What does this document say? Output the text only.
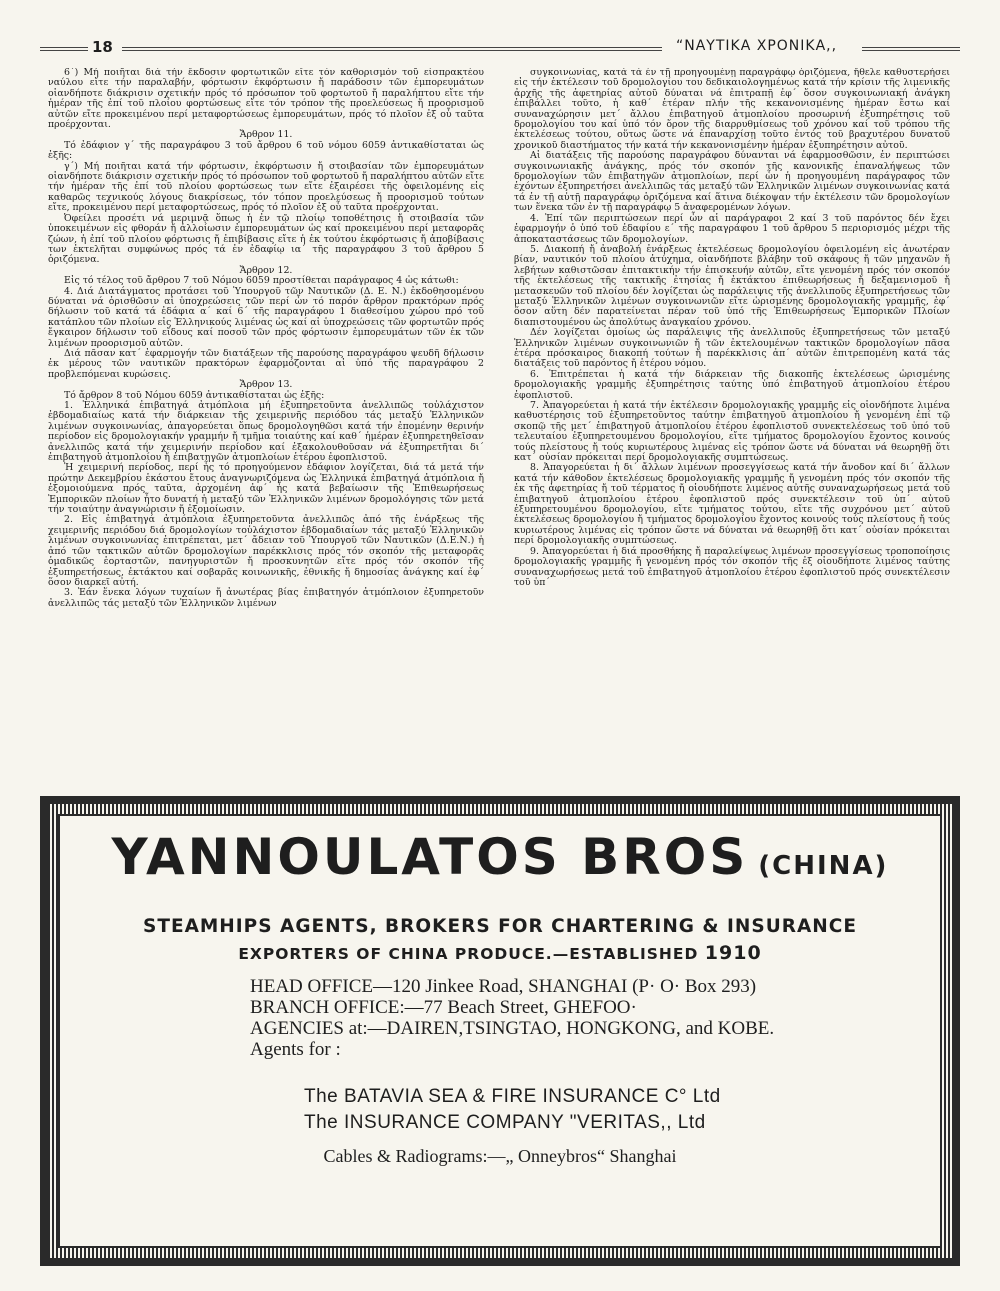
18	“ΝΑΥΤΙΚΑ ΧΡΟΝΙΚΑ,,

6΄) Μή ποιῆται διά τήν ἔκδοσιν φορτωτικῶν εἴτε τόν καθορισμόν τοῦ εἰσπρακτέου ναύλου εἴτε τήν παραλαβήν, φόρτωσιν ἐκφόρτωσιν ἤ παράδοσιν τῶν ἐμπορευμάτων οἱανδήποτε διάκρισιν σχετικήν πρός τό πρόσωπον τοῦ φορτωτοῦ ἤ παραλήπτου εἴτε τήν ἡμέραν τῆς ἐπί τοῦ πλοίου φορτώσεως εἴτε τόν τρόπον τῆς προελεύσεως ἤ προορισμοῦ αὐτῶν εἴτε προκειμένου περί μεταφορτώσεως ἐμπορευμάτων, πρός τό πλοῖον ἐξ οὗ ταῦτα προέρχονται.

Ἄρθρον 11.

Τό ἐδάφιον γ΄ τῆς παραγράφου 3 τοῦ ἄρθρου 6 τοῦ νόμου 6059 ἀντικαθίσταται ὡς ἑξῆς:

γ΄) Μή ποιῆται κατά τήν φόρτωσιν, ἐκφόρτωσιν ἤ στοιβασίαν τῶν ἐμπορευμάτων οἱανδήποτε διάκρισιν σχετικήν πρός τό πρόσωπον τοῦ φορτωτοῦ ἤ παραλήπτου αὐτῶν εἴτε τήν ἡμέραν τῆς ἐπί τοῦ πλοίου φορτώσεως των εἴτε ἐξαιρέσει τῆς ὀφειλομένης εἰς καθαρῶς τεχνικούς λόγους διακρίσεως, τόν τόπον προελεύσεως ἤ προορισμοῦ τούτων εἴτε, προκειμένου περί μεταφορτώσεως, πρός τό πλοῖον ἐξ οὗ ταῦτα προέρχονται.

Ὀφείλει προσέτι νά μεριμνᾷ ὅπως ἡ ἐν τῷ πλοίῳ τοποθέτησις ἤ στοιβασία τῶν ὑποκειμένων εἰς φθοράν ἤ ἀλλοίωσιν ἐμπορευμάτων ὡς καί προκειμένου περί μεταφορᾶς ζώων, ἡ ἐπί τοῦ πλοίου φόρτωσις ἤ ἐπιβίβασις εἴτε ἡ ἐκ τούτου ἐκφόρτωσις ἤ ἀποβίβασις των ἐκτελῆται συμφώνως πρός τά ἐν ἐδαφίῳ ια΄ τῆς παραγράφου 3 τοῦ ἄρθρου 5 ὁριζόμενα.

Ἄρθρον 12.

Εἰς τό τέλος τοῦ ἄρθρου 7 τοῦ Νόμου 6059 προστίθεται παράγραφος 4 ὡς κάτωθι:

4. Διά Διατάγματος προτάσει τοῦ Ὑπουργοῦ τῶν Ναυτικῶν (Δ. Ε. Ν.) ἐκδοθησομένου δύναται νά ὁρισθῶσιν αἱ ὑποχρεώσεις τῶν περί ὧν τό παρόν ἄρθρον πρακτόρων πρός δήλωσιν τοῦ κατά τά ἐδάφια α΄ καί 6΄ τῆς παραγράφου 1 διαθεσίμου χώρου πρό τοῦ κατάπλου τῶν πλοίων εἰς Ἑλληνικούς λιμένας ὡς καί αἱ ὑποχρεώσεις τῶν φορτωτῶν πρός ἔγκαιρον δήλωσιν τοῦ εἴδους καί ποσοῦ τῶν πρός φόρτωσιν ἐμπορευμάτων τῶν ἐκ τῶν λιμένων προορισμοῦ αὐτῶν.

Διά πᾶσαν κατ΄ ἐφαρμογήν τῶν διατάξεων τῆς παρούσης παραγράφου ψευδῆ δήλωσιν ἐκ μέρους τῶν ναυτικῶν πρακτόρων ἐφαρμόζονται αἱ ὑπό τῆς παραγράφου 2 προβλεπόμεναι κυρώσεις.

Ἄρθρον 13.

Τό ἄρθρον 8 τοῦ Νόμου 6059 ἀντικαθίσταται ὡς ἑξῆς:

1. Ἑλληνικά ἐπιβατηγά ἀτμόπλοια μή ἐξυπηρετοῦντα ἀνελλιπῶς τοὐλάχιστον ἑβδομαδιαίως κατά τήν διάρκειαν τῆς χειμερινῆς περιόδου τάς μεταξύ Ἑλληνικῶν λιμένων συγκοινωνίας, ἀπαγορεύεται ὅπως δρομολογηθῶσι κατά τήν ἐπομένην θερινήν περίοδον εἰς δρομολογιακήν γραμμήν ἤ τμῆμα τοιαύτης καί καθ΄ ἡμέραν ἐξυπηρετηθεῖσαν ἀνελλιπῶς κατά τήν χειμερινήν περίοδον καί ἐξακολουθοῦσαν νά ἐξυπηρετῆται δι΄ ἐπιβατηγοῦ ἀτμοπλοίου ἤ ἐπιβατηγῶν ἀτμοπλοίων ἑτέρου ἐφοπλιστοῦ.

Ἡ χειμερινή περίοδος, περί ἧς τό προηγούμενον ἐδάφιον λογίζεται, διά τά μετά τήν πρώτην Δεκεμβρίου ἑκάστου ἔτους ἀναγνωριζόμενα ὡς Ἑλληνικά ἐπιβατηγά ἀτμόπλοια ἤ ἐξομοιούμενα πρός ταῦτα, ἀρχομένη ἀφ΄ ἧς κατά βεβαίωσιν τῆς Ἐπιθεωρήσεως Ἐμπορικῶν πλοίων ἦτο δυνατή ἡ μεταξύ τῶν Ἑλληνικῶν λιμένων δρομολόγησις τῶν μετά τήν τοιαύτην ἀναγνώρισιν ἤ ἐξομοίωσιν.

2. Εἰς ἐπιβατηγά ἀτμόπλοια ἐξυπηρετοῦντα ἀνελλιπῶς ἀπό τῆς ἐνάρξεως τῆς χειμερινῆς περιόδου διά δρομολογίων τοὐλάχιστον ἑβδομαδιαίων τάς μεταξύ Ἑλληνικῶν λιμένων συγκοινωνίας ἐπιτρέπεται, μετ΄ ἄδειαν τοῦ Ὑπουργοῦ τῶν Ναυτικῶν (Δ.Ε.Ν.) ἡ ἀπό τῶν τακτικῶν αὐτῶν δρομολογίων παρέκκλισις πρός τόν σκοπόν τῆς μεταφορᾶς ὁμαδικῶς ἑορταστῶν, πανηγυριστῶν ἤ προσκυνητῶν εἴτε πρός τόν σκοπόν τῆς ἐξυπηρετήσεως, ἐκτάκτου καί σοβαρᾶς κοινωνικῆς, ἐθνικῆς ἤ δημοσίας ἀνάγκης καί ἐφ΄ ὅσον διαρκεῖ αὐτή.

3. Ἐάν ἕνεκα λόγων τυχαίων ἤ ἀνωτέρας βίας ἐπιβατηγόν ἀτμόπλοιον ἐξυπηρετοῦν ἀνελλιπῶς τάς μεταξύ τῶν Ἑλληνικῶν λιμένων

συγκοινωνίας, κατά τά ἐν τῇ προηγουμένῃ παραγράφῳ ὁριζόμενα, ἤθελε καθυστερήσει εἰς τήν ἐκτέλεσιν τοῦ δρομολογίου του δεδικαιολογημένως κατά τήν κρίσιν τῆς λιμενικῆς ἀρχῆς τῆς ἀφετηρίας αὐτοῦ δύναται νά ἐπιτραπῇ ἐφ΄ ὅσον συγκοινωνιακή ἀνάγκη ἐπιβάλλει τοῦτο, ἡ καθ΄ ἑτέραν πλήν τῆς κεκανονισμένης ἡμέραν ἔστω καί συναναχώρησιν μετ΄ ἄλλου ἐπιβατηγοῦ ἀτμοπλοίου προσωρινή ἐξυπηρέτησις τοῦ δρομολογίου του καί ὑπό τόν ὅρον τῆς διαρρυθμίσεως τοῦ χρόνου καί τοῦ τρόπου τῆς ἐκτελέσεως τούτου, οὕτως ὥστε νά ἐπαναρχίσῃ τοῦτο ἐντός τοῦ βραχυτέρου δυνατοῦ χρονικοῦ διαστήματος τήν κατά τήν κεκανονισμένην ἡμέραν ἐξυπηρέτησιν αὐτοῦ.

Αἱ διατάξεις τῆς παρούσης παραγράφου δύνανται νά ἐφαρμοσθῶσιν, ἐν περιπτώσει συγκοινωνιακῆς ἀνάγκης, πρός τόν σκοπόν τῆς κανονικῆς ἐπαναλήψεως τῶν δρομολογίων τῶν ἐπιβατηγῶν ἀτμοπλοίων, περί ὧν ἡ προηγουμένη παράγραφος τῶν ἐχόντων ἐξυπηρετήσει ἀνελλιπῶς τάς μεταξύ τῶν Ἑλληνικῶν λιμένων συγκοινωνίας κατά τά ἐν τῇ αὐτῇ παραγράφῳ ὁριζόμενα καί ἅτινα διέκοψαν τήν ἐκτέλεσιν τῶν δρομολογίων των ἕνεκα τῶν ἐν τῇ παραγράφῳ 5 ἀναφερομένων λόγων.

4. Ἐπί τῶν περιπτώσεων περί ὧν αἱ παράγραφοι 2 καί 3 τοῦ παρόντος δέν ἔχει ἐφαρμογήν ὁ ὑπό τοῦ ἐδαφίου ε΄ τῆς παραγράφου 1 τοῦ ἄρθρου 5 περιορισμός μέχρι τῆς ἀποκαταστάσεως τῶν δρομολογίων.

5. Διακοπή ἤ ἀναβολή ἐνάρξεως ἐκτελέσεως δρομολογίου ὀφειλομένη εἰς ἀνωτέραν βίαν, ναυτικόν τοῦ πλοίου ἀτύχημα, οἱανδήποτε βλάβην τοῦ σκάφους ἤ τῶν μηχανῶν ἤ λεβήτων καθιστῶσαν ἐπιτακτικήν τήν ἐπισκευήν αὐτῶν, εἴτε γενομένη πρός τόν σκοπόν τῆς ἐκτελέσεως τῆς τακτικῆς ἐτησίας ἤ ἐκτάκτου ἐπιθεωρήσεως ἤ δεξαμενισμοῦ ἤ μετασκευῶν τοῦ πλοίου δέν λογίζεται ὡς παράλειψις τῆς ἀνελλιποῦς ἐξυπηρετήσεως τῶν μεταξύ Ἑλληνικῶν λιμένων συγκοινωνιῶν εἴτε ὡρισμένης δρομολογιακῆς γραμμῆς, ἐφ΄ ὅσον αὕτη δέν παρατείνεται πέραν τοῦ ὑπό τῆς Ἐπιθεωρήσεως Ἐμπορικῶν Πλοίων διαπιστουμένου ὡς ἀπολύτως ἀναγκαίου χρόνου.

Δέν λογίζεται ὁμοίως ὡς παράλειψις τῆς ἀνελλιποῦς ἐξυπηρετήσεως τῶν μεταξύ Ἑλληνικῶν λιμένων συγκοινωνιῶν ἤ τῶν ἐκτελουμένων τακτικῶν δρομολογίων πᾶσα ἑτέρα πρόσκαιρος διακοπή τούτων ἤ παρέκκλισις ἀπ΄ αὐτῶν ἐπιτρεπομένη κατά τάς διατάξεις τοῦ παρόντος ἤ ἑτέρου νόμου.

6. Ἐπιτρέπεται ἡ κατά τήν διάρκειαν τῆς διακοπῆς ἐκτελέσεως ὡρισμένης δρομολογιακῆς γραμμῆς ἐξυπηρέτησις ταύτης ὑπό ἐπιβατηγοῦ ἀτμοπλοίου ἑτέρου ἐφοπλιστοῦ.

7. Ἀπαγορεύεται ἡ κατά τήν ἐκτέλεσιν δρομολογιακῆς γραμμῆς εἰς οἱονδήποτε λιμένα καθυστέρησις τοῦ ἐξυπηρετοῦντος ταύτην ἐπιβατηγοῦ ἀτμοπλοίου ἤ γενομένη ἐπί τῷ σκοπῷ τῆς μετ΄ ἐπιβατηγοῦ ἀτμοπλοίου ἑτέρου ἐφοπλιστοῦ συνεκτελέσεως τοῦ ὑπό τοῦ τελευταίου ἐξυπηρετουμένου δρομολογίου, εἴτε τμήματος δρομολογίου ἔχοντος κοινούς τούς πλείστους ἤ τούς κυριωτέρους λιμένας εἰς τρόπον ὥστε νά δύναται νά θεωρηθῇ ὅτι κατ΄ οὐσίαν πρόκειται περί δρομολογιακῆς συμπτώσεως.

8. Ἀπαγορεύεται ἡ δι΄ ἄλλων λιμένων προσεγγίσεως κατά τήν ἄνοδον καί δι΄ ἄλλων κατά τήν κάθοδον ἐκτελέσεως δρομολογιακῆς γραμμῆς ἤ γενομένη πρός τόν σκοπόν τῆς ἐκ τῆς ἀφετηρίας ἤ τοῦ τέρματος ἤ οἱουδήποτε λιμένος αὐτῆς συναναχωρήσεως μετά τοῦ ἐπιβατηγοῦ ἀτμοπλοίου ἑτέρου ἐφοπλιστοῦ πρός συνεκτέλεσιν τοῦ ὑπ΄ αὐτοῦ ἐξυπηρετουμένου δρομολογίου, εἴτε τμήματος τούτου, εἴτε τῆς συχρόνου μετ΄ αὐτοῦ ἐκτελέσεως δρομολογίου ἤ τμήματος δρομολογίου ἔχοντος κοινούς τούς πλείστους ἤ τούς κυριωτέρους λιμένας εἰς τρόπον ὥστε νά δύναται νά θεωρηθῇ ὅτι κατ΄ οὐσίαν πρόκειται περί δρομολογιακῆς συμπτώσεως.

9. Ἀπαγορεύεται ἡ διά προσθήκης ἤ παραλείψεως λιμένων προσεγγίσεως τροποποίησις δρομολογιακῆς γραμμῆς ἤ γενομένη πρός τόν σκοπόν τῆς ἐξ οἱουδήποτε λιμένος ταύτης συναναχωρήσεως μετά τοῦ ἐπιβατηγοῦ ἀτμοπλοίου ἑτέρου ἐφοπλιστοῦ πρός συνεκτέλεσιν τοῦ ὑπ΄

YANNOULATOS BROS (CHINA)
STEAMHIPS AGENTS, BROKERS FOR CHARTERING & INSURANCE
EXPORTERS OF CHINA PRODUCE.—ESTABLISHED 1910
HEAD OFFICE—120 Jinkee Road, SHANGHAI (P· O· Box 293)
BRANCH OFFICE:—77 Beach Street, GHEFOO·
AGENCIES at:—DAIREN,TSINGTAO, HONGKONG, and KOBE.
Agents for :
The BATAVIA SEA & FIRE INSURANCE C° Ltd
The INSURANCE COMPANY "VERITAS,, Ltd
Cables & Radiograms:—„ Onneybros“ Shanghai
